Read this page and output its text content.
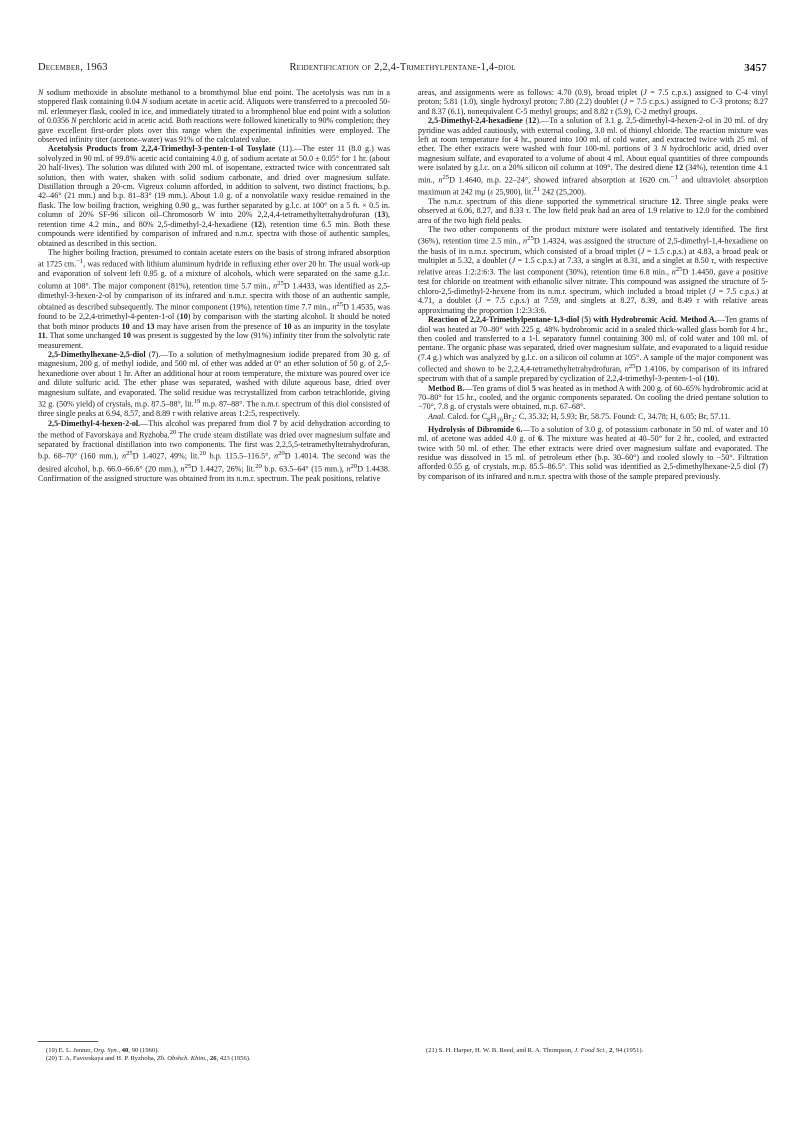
December, 1963	Reidentification of 2,2,4-Trimethylpentane-1,4-diol	3457

N sodium methoxide in absolute methanol to a bromthymol blue end point. The acetolysis was run in a stoppered flask containing 0.04 N sodium acetate in acetic acid. Aliquots were transferred to a precooled 50-ml. erlenmeyer flask, cooled in ice, and immediately titrated to a bromphenol blue end point with a solution of 0.0356 N perchloric acid in acetic acid. Both reactions were followed kinetically to 90% completion; they gave excellent first-order plots over this range when the experimental infinities were employed. The observed infinity titer (acetone–water) was 91% of the calculated value.

Acetolysis Products from 2,2,4-Trimethyl-3-penten-1-ol Tosylate (11).—The ester 11 (8.0 g.) was solvolyzed in 90 ml. of 99.8% acetic acid containing 4.0 g. of sodium acetate at 50.0 ± 0.05° for 1 hr. (about 20 half-lives). The solution was diluted with 200 ml. of isopentane, extracted twice with concentrated salt solution, then with water, shaken with solid sodium carbonate, and dried over magnesium sulfate. Distillation through a 20-cm. Vigreux column afforded, in addition to solvent, two distinct fractions, b.p. 42–46° (21 mm.) and b.p. 81–83° (19 mm.). About 1.0 g. of a nonvolatile waxy residue remained in the flask. The low boiling fraction, weighing 0.90 g., was further separated by g.l.c. at 100° on a 5 ft. × 0.5 in. column of 20% SF-96 silicon oil–Chromosorb W into 20% 2,2,4,4-tetramethyltetrahydrofuran (13), retention time 4.2 min., and 80% 2,5-dimethyl-2,4-hexadiene (12), retention time 6.5 min. Both these compounds were identified by comparison of infrared and n.m.r. spectra with those of authentic samples, obtained as described in this section.

The higher boiling fraction, presumed to contain acetate esters on the basis of strong infrared absorption at 1725 cm.$^{-1}$, was reduced with lithium aluminum hydride in refluxing ether over 20 hr. The usual work-up and evaporation of solvent left 0.95 g. of a mixture of alcohols, which were separated on the same g.l.c. column at 108°. The major component (81%), retention time 5.7 min., $n^{25}D$ 1.4433, was identified as 2,5-dimethyl-3-hexen-2-ol by comparison of its infrared and n.m.r. spectra with those of an authentic sample, obtained as described subsequently. The minor component (19%), retention time 7.7 min., $n^{25}D$ 1.4535, was found to be 2,2,4-trimethyl-4-penten-1-ol (10) by comparison with the starting alcohol. It should be noted that both minor products 10 and 13 may have arisen from the presence of 10 as an impurity in the tosylate 11. That some unchanged 10 was present is suggested by the low (91%) infinity titer from the solvolytic rate measurement.

2,5-Dimethylhexane-2,5-diol (7).—To a solution of methylmagnesium iodide prepared from 30 g. of magnesium, 200 g. of methyl iodide, and 500 ml. of ether was added at 0° an ether solution of 50 g. of 2,5-hexanedione over about 1 hr. After an additional hour at room temperature, the mixture was poured over ice and dilute sulfuric acid. The ether phase was separated, washed with dilute aqueous base, dried over magnesium sulfate, and evaporated. The solid residue was recrystallized from carbon tetrachloride, giving 32 g. (50% yield) of crystals, m.p. 87.5–88°, lit.$^{19}$ m.p. 87–88°. The n.m.r. spectrum of this diol consisted of three single peaks at 6.94, 8.57, and 8.89 τ with relative areas 1:2:5, respectively.

2,5-Dimethyl-4-hexen-2-ol.—This alcohol was prepared from diol 7 by acid dehydration according to the method of Favorskaya and Ryzhoba.$^{20}$ The crude steam distillate was dried over magnesium sulfate and separated by fractional distillation into two components. The first was 2,2,5,5-tetramethyltetrahydrofuran, b.p. 68–70° (160 mm.), $n^{25}D$ 1.4027, 49%; lit.$^{20}$ b.p. 115.5–116.5°, $n^{20}D$ 1.4014. The second was the desired alcohol, b.p. 66.0–66.6° (20 mm.), $n^{25}D$ 1.4427, 26%; lit.$^{20}$ b.p. 63.5–64° (15 mm.), $n^{20}D$ 1.4438. Confirmation of the assigned structure was obtained from its n.m.r. spectrum. The peak positions, relative

areas, and assignments were as follows: 4.70 (0.9), broad triplet (J = 7.5 c.p.s.) assigned to C-4 vinyl proton; 5.81 (1.0), single hydroxyl proton; 7.80 (2.2) doublet (J = 7.5 c.p.s.) assigned to C-3 protons; 8.27 and 8.37 (6.1), nonequivalent C-5 methyl groups; and 8.82 τ (5.9), C-2 methyl groups.

2,5-Dimethyl-2,4-hexadiene (12).—To a solution of 3.1 g. 2,5-dimethyl-4-hexen-2-ol in 20 ml. of dry pyridine was added cautiously, with external cooling, 3.0 ml. of thionyl chloride. The reaction mixture was left at room temperature for 4 hr., poured into 100 ml. of cold water, and extracted twice with 25 ml. of ether. The ether extracts were washed with four 100-ml. portions of 3 N hydrochloric acid, dried over magnesium sulfate, and evaporated to a volume of about 4 ml. About equal quantities of three compounds were isolated by g.l.c. on a 20% silicon oil column at 109°. The desired diene 12 (34%), retention time 4.1 min., $n^{25}D$ 1.4640, m.p. 22–24°, showed infrared absorption at 1620 cm.$^{-1}$ and ultraviolet absorption maximum at 242 mμ (ε 25,900), lit.$^{21}$ 242 (25,200).

The n.m.r. spectrum of this diene supported the symmetrical structure 12. Three single peaks were observed at 6.06, 8.27, and 8.33 τ. The low field peak had an area of 1.9 relative to 12.0 for the combined area of the two high field peaks.

The two other components of the product mixture were isolated and tentatively identified. The first (36%), retention time 2.5 min., $n^{25}D$ 1.4324, was assigned the structure of 2,5-dimethyl-1,4-hexadiene on the basis of its n.m.r. spectrum, which consisted of a broad triplet (J = 1.5 c.p.s.) at 4.83, a broad peak or multiplet at 5.32, a doublet (J = 1.5 c.p.s.) at 7.33, a singlet at 8.31, and a singlet at 8.50 τ, with respective relative areas 1:2:2:6:3. The last component (30%), retention time 6.8 min., $n^{25}D$ 1.4450, gave a positive test for chloride on treatment with ethanolic silver nitrate. This compound was assigned the structure of 5-chloro-2,5-dimethyl-2-hexene from its n.m.r. spectrum, which included a broad triplet (J = 7.5 c.p.s.) at 4.71, a doublet (J = 7.5 c.p.s.) at 7.59, and singlets at 8.27, 8.39, and 8.49 τ with relative areas approximating the proportion 1:2:3:3:6.

Reaction of 2,2,4-Trimethylpentane-1,3-diol (5) with Hydrobromic Acid. Method A.—Ten grams of diol was heated at 70–80° with 225 g. 48% hydrobromic acid in a sealed thick-walled glass bomb for 4 hr., then cooled and transferred to a 1-l. separatory funnel containing 300 ml. of cold water and 100 ml. of pentane. The organic phase was separated, dried over magnesium sulfate, and evaporated to a liquid residue (7.4 g.) which was analyzed by g.l.c. on a silicon oil column at 105°. A sample of the major component was collected and shown to be 2,2,4,4-tetramethyltetrahydrofuran, $n^{25}D$ 1.4106, by comparison of its infrared spectrum with that of a sample prepared by cyclization of 2,2,4-trimethyl-3-penten-1-ol (10).

Method B.—Ten grams of diol 5 was heated as in method A with 200 g. of 60–65% hydrobromic acid at 70–80° for 15 hr., cooled, and the organic components separated. On cooling the dried pentane solution to −70°, 7.8 g. of crystals were obtained, m.p. 67–68°.

Anal. Calcd. for $C_8H_{16}Br_2$: C, 35.32; H, 5.93; Br, 58.75. Found: C, 34.78; H, 6.05; Br, 57.11.

Hydrolysis of Dibromide 6.—To a solution of 3.0 g. of potassium carbonate in 50 ml. of water and 10 ml. of acetone was added 4.0 g. of 6. The mixture was heated at 40–50° for 2 hr., cooled, and extracted twice with 50 ml. of ether. The ether extracts were dried over magnesium sulfate and evaporated. The residue was dissolved in 15 ml. of petroleum ether (b.p. 30–60°) and cooled slowly to −50°. Filtration afforded 0.55 g. of crystals, m.p. 85.5–86.5°. This solid was identified as 2,5-dimethylhexane-2,5 diol (7) by comparison of its infrared and n.m.r. spectra with those of the sample prepared previously.

(19) E. L. Jenner, Org. Syn., 40, 90 (1960).

(20) T. A. Favorskaya and H. P. Ryzhoba, Zh. Obshch. Khim., 26, 423 (1956).

(21) S. H. Harper, H. W. B. Reed, and R. A. Thompson, J. Food Sci., 2, 94 (1951).
